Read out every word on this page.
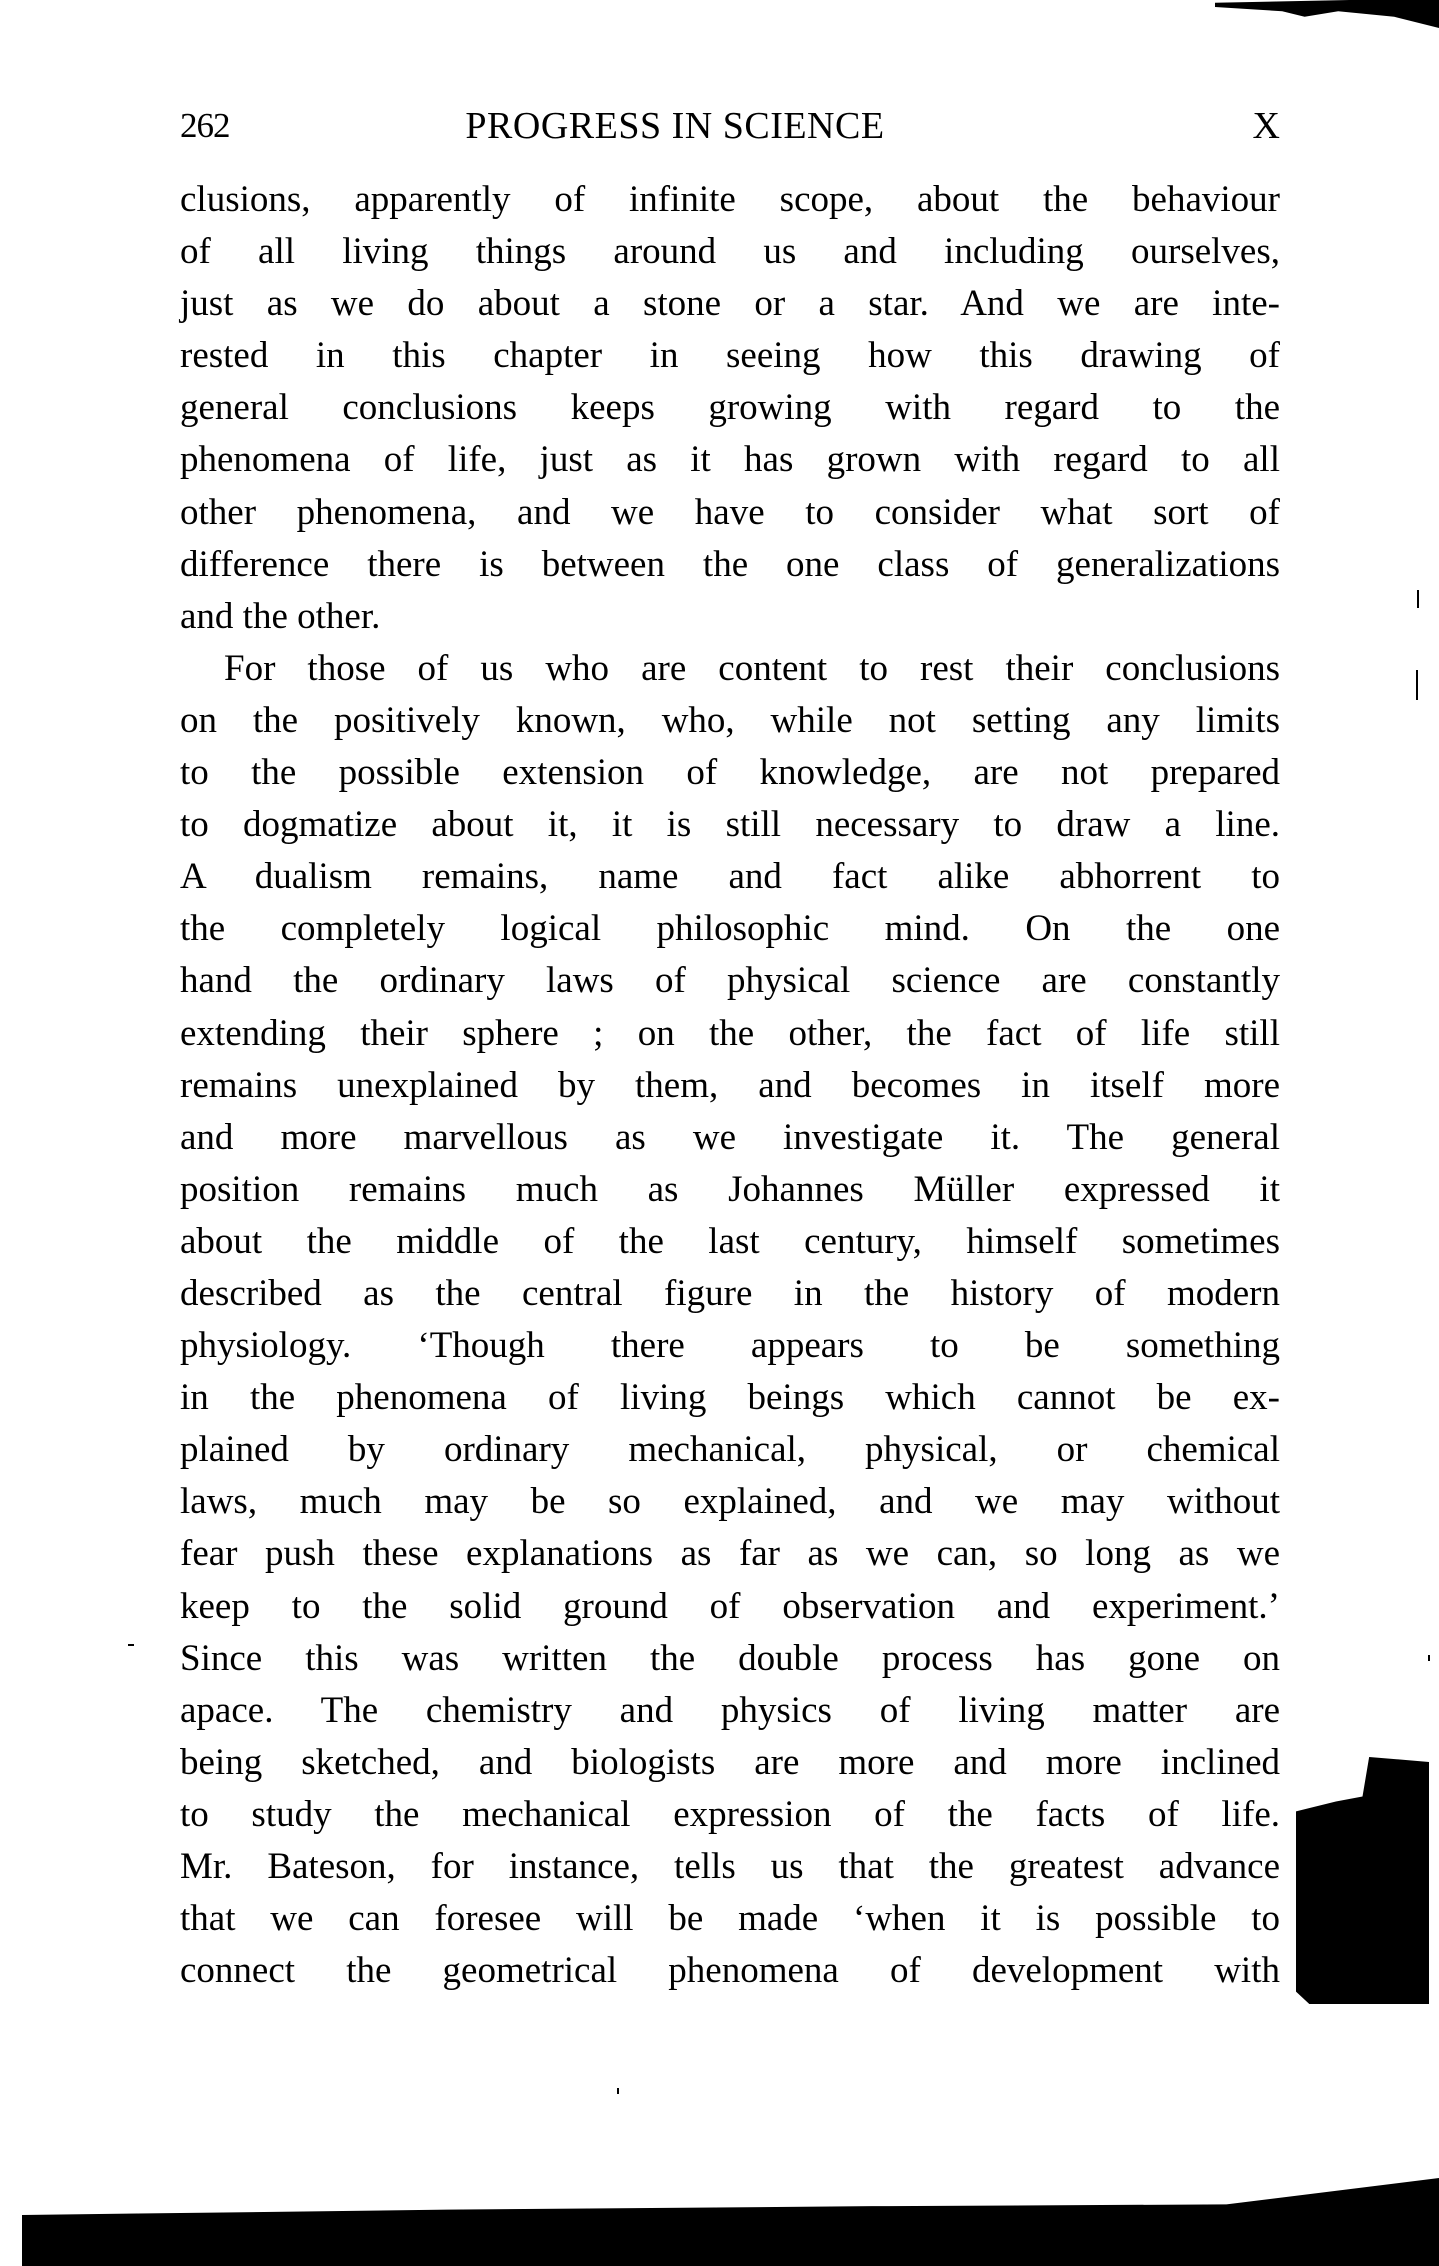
262	PROGRESS IN SCIENCE	X
clusions, apparently of infinite scope, about the behaviour
of all living things around us and including ourselves,
just as we do about a stone or a star. And we are inte-
rested in this chapter in seeing how this drawing of
general conclusions keeps growing with regard to the
phenomena of life, just as it has grown with regard to all
other phenomena, and we have to consider what sort of
difference there is between the one class of generalizations
and the other.
For those of us who are content to rest their conclusions
on the positively known, who, while not setting any limits
to the possible extension of knowledge, are not prepared
to dogmatize about it, it is still necessary to draw a line.
A dualism remains, name and fact alike abhorrent to
the completely logical philosophic mind. On the one
hand the ordinary laws of physical science are constantly
extending their sphere ; on the other, the fact of life still
remains unexplained by them, and becomes in itself more
and more marvellous as we investigate it. The general
position remains much as Johannes Müller expressed it
about the middle of the last century, himself sometimes
described as the central figure in the history of modern
physiology. ‘Though there appears to be something
in the phenomena of living beings which cannot be ex-
plained by ordinary mechanical, physical, or chemical
laws, much may be so explained, and we may without
fear push these explanations as far as we can, so long as we
keep to the solid ground of observation and experiment.’
Since this was written the double process has gone on
apace. The chemistry and physics of living matter are
being sketched, and biologists are more and more inclined
to study the mechanical expression of the facts of life.
Mr. Bateson, for instance, tells us that the greatest advance
that we can foresee will be made ‘when it is possible to
connect the geometrical phenomena of development with
